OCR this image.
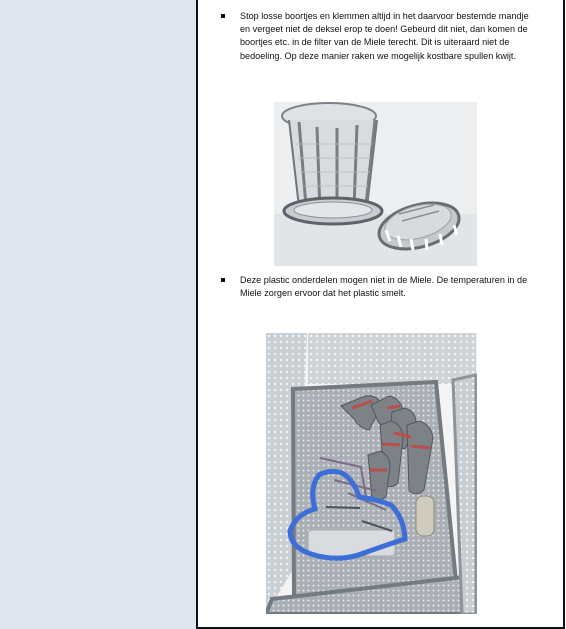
Stop losse boortjes en klemmen altijd in het daarvoor bestemde mandje en vergeet niet de deksel erop te doen! Gebeurd dit niet, dan komen de boortjes etc. in de filter van de Miele terecht. Dit is uiteraard niet de bedoeling. Op deze manier raken we mogelijk kostbare spullen kwijt.
Deze plastic onderdelen mogen niet in de Miele. De temperaturen in de Miele zorgen ervoor dat het plastic smelt.
